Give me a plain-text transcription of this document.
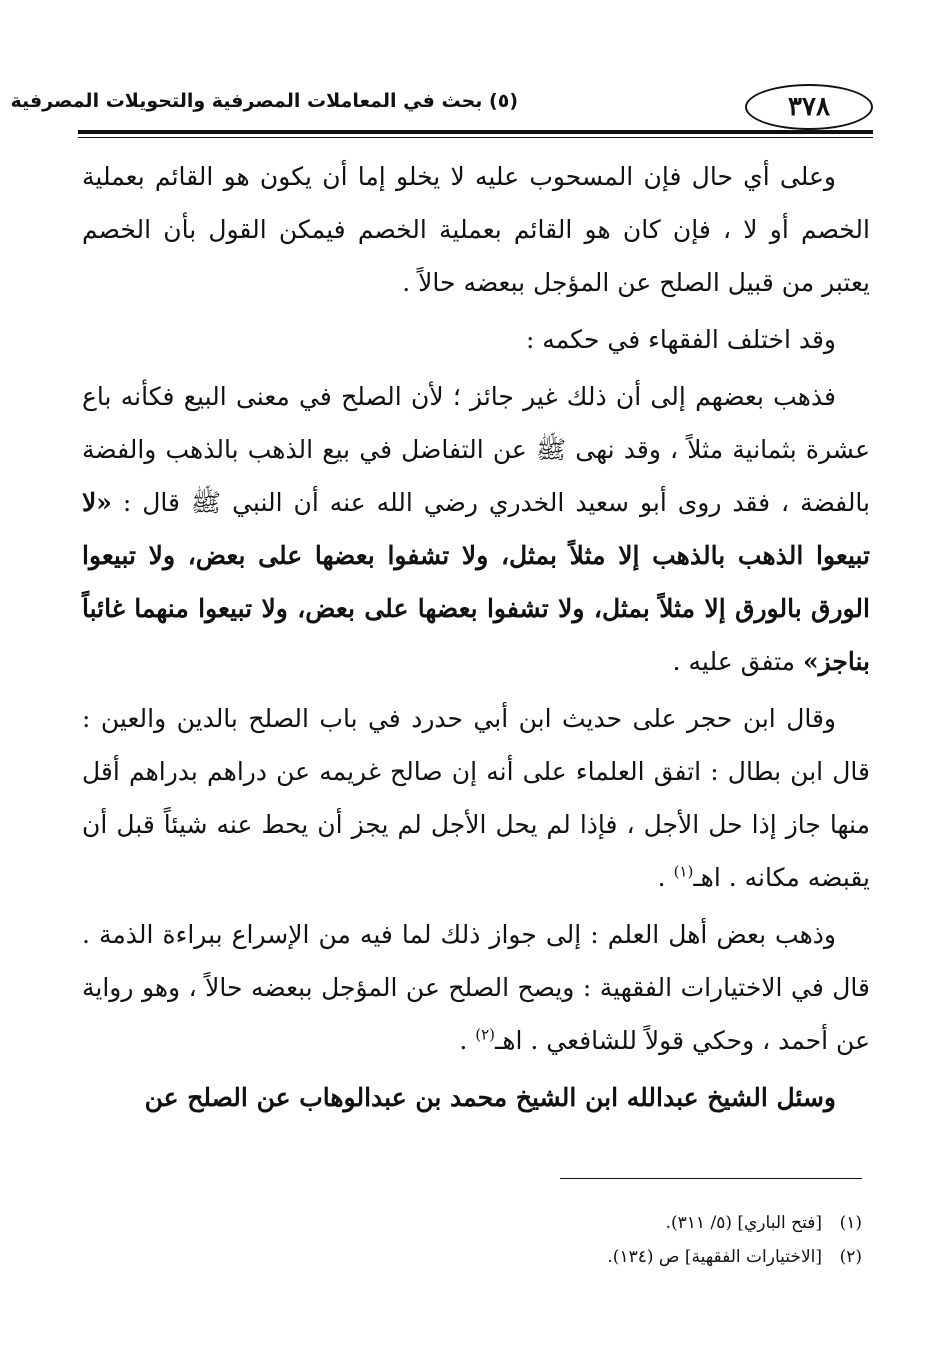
٣٧٨
(٥) بحث في المعاملات المصرفية والتحويلات المصرفية

وعلى أي حال فإن المسحوب عليه لا يخلو إما أن يكون هو القائم بعملية الخصم أو لا ، فإن كان هو القائم بعملية الخصم فيمكن القول بأن الخصم يعتبر من قبيل الصلح عن المؤجل ببعضه حالاً .

وقد اختلف الفقهاء في حكمه :

فذهب بعضهم إلى أن ذلك غير جائز ؛ لأن الصلح في معنى البيع فكأنه باع عشرة بثمانية مثلاً ، وقد نهى ﷺ عن التفاضل في بيع الذهب بالذهب والفضة بالفضة ، فقد روى أبو سعيد الخدري رضي الله عنه أن النبي ﷺ قال : «لا تبيعوا الذهب بالذهب إلا مثلاً بمثل، ولا تشفوا بعضها على بعض، ولا تبيعوا الورق بالورق إلا مثلاً بمثل، ولا تشفوا بعضها على بعض، ولا تبيعوا منهما غائباً بناجز» متفق عليه .

وقال ابن حجر على حديث ابن أبي حدرد في باب الصلح بالدين والعين : قال ابن بطال : اتفق العلماء على أنه إن صالح غريمه عن دراهم بدراهم أقل منها جاز إذا حل الأجل ، فإذا لم يحل الأجل لم يجز أن يحط عنه شيئاً قبل أن يقبضه مكانه . اهـ$^{(١)}$ .

وذهب بعض أهل العلم : إلى جواز ذلك لما فيه من الإسراع ببراءة الذمة . قال في الاختيارات الفقهية : ويصح الصلح عن المؤجل ببعضه حالاً ، وهو رواية عن أحمد ، وحكي قولاً للشافعي . اهـ$^{(٢)}$ .

وسئل الشيخ عبدالله ابن الشيخ محمد بن عبدالوهاب عن الصلح عن

(١)[فتح الباري] (٥/ ٣١١).

(٢)[الاختيارات الفقهية] ص (١٣٤).
